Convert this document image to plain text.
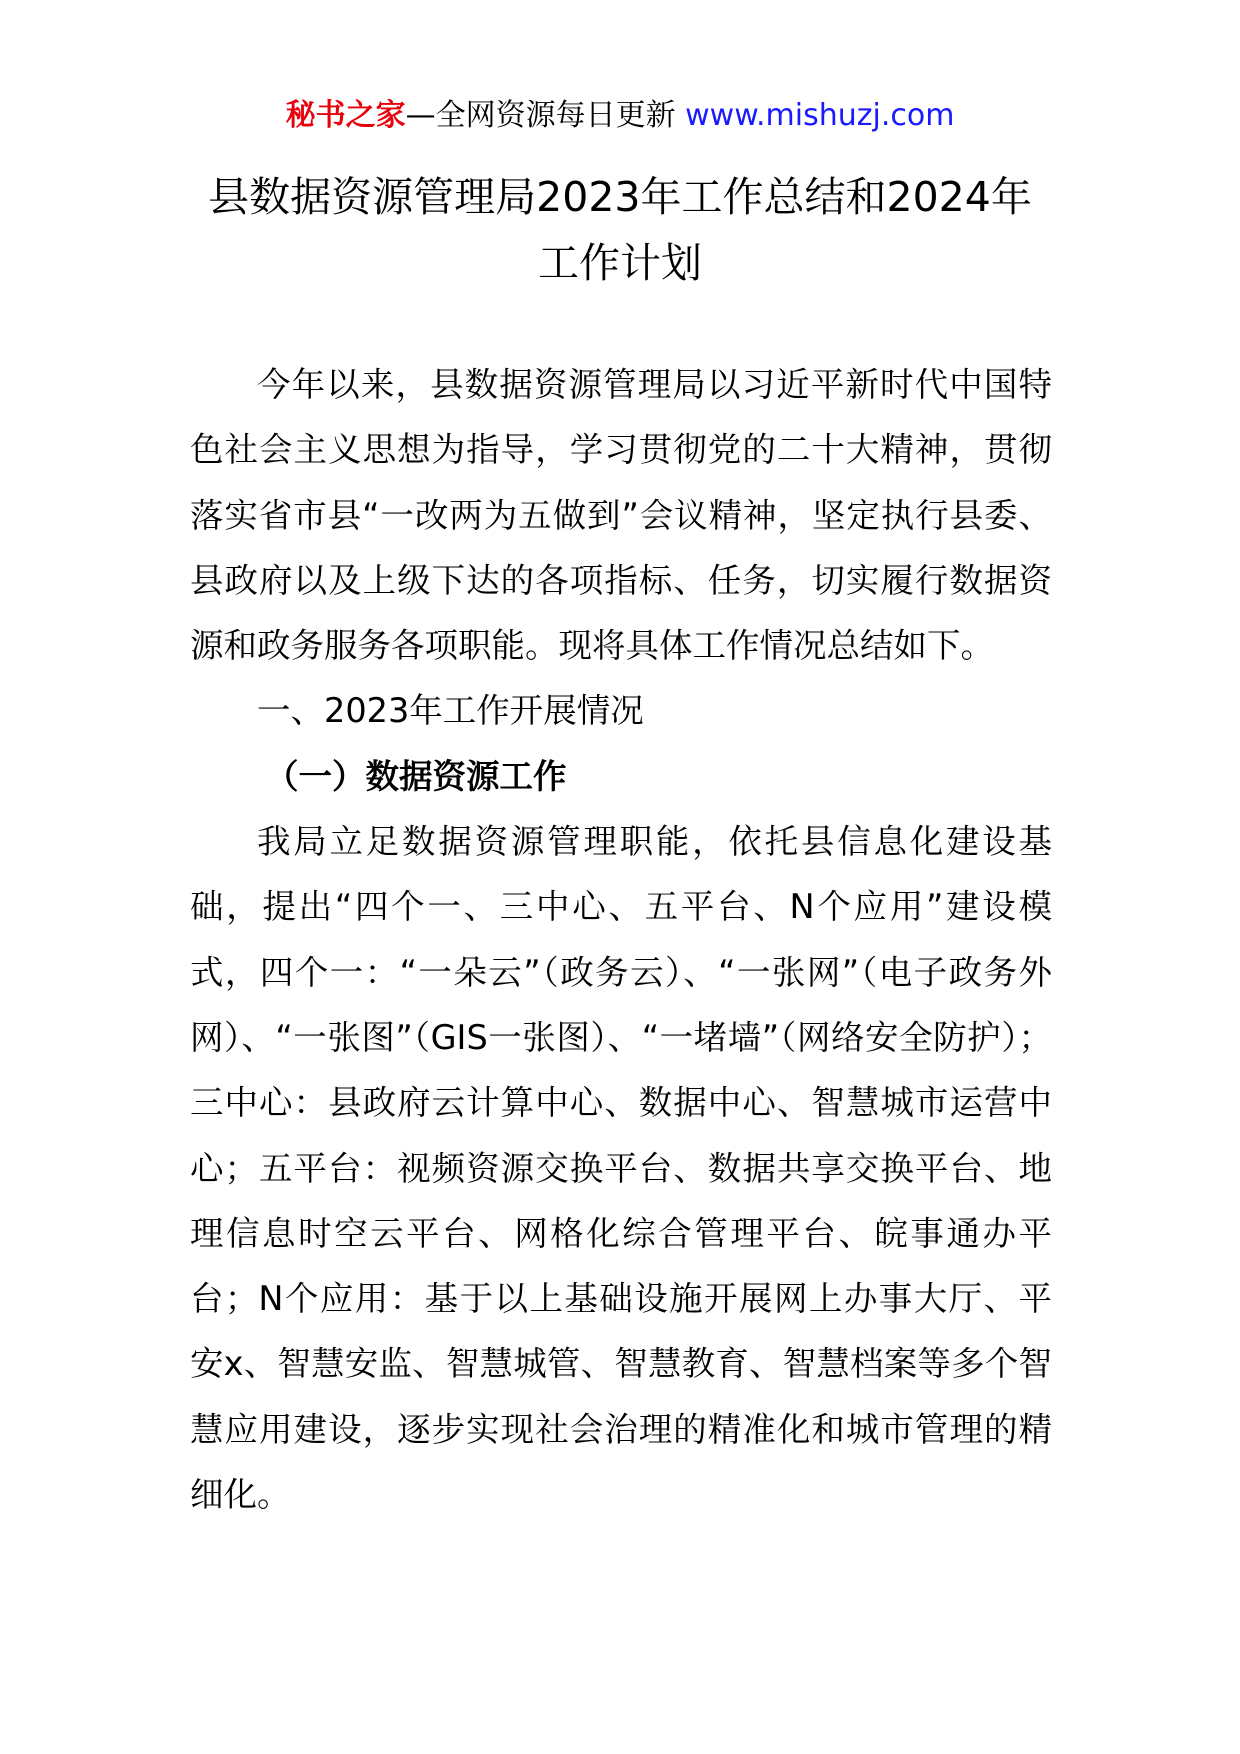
秘书之家—全网资源每日更新 www.mishuzj.com
县数据资源管理局2023年工作总结和2024年
工作计划

今年以来，县数据资源管理局以习近平新时代中国特色社会主义思想为指导，学习贯彻党的二十大精神，贯彻落实省市县“一改两为五做到”会议精神，坚定执行县委、县政府以及上级下达的各项指标、任务，切实履行数据资源和政务服务各项职能。现将具体工作情况总结如下。

一、2023年工作开展情况

（一）数据资源工作

我局立足数据资源管理职能，依托县信息化建设基础，提出“四个一、三中心、五平台、N个应用”建设模式，四个一：“一朵云”（政务云）、“一张网”（电子政务外网）、“一张图”（GIS一张图）、“一堵墙”（网络安全防护）；三中心：县政府云计算中心、数据中心、智慧城市运营中心；五平台：视频资源交换平台、数据共享交换平台、地理信息时空云平台、网格化综合管理平台、皖事通办平台；N个应用：基于以上基础设施开展网上办事大厅、平安x、智慧安监、智慧城管、智慧教育、智慧档案等多个智慧应用建设，逐步实现社会治理的精准化和城市管理的精细化。
